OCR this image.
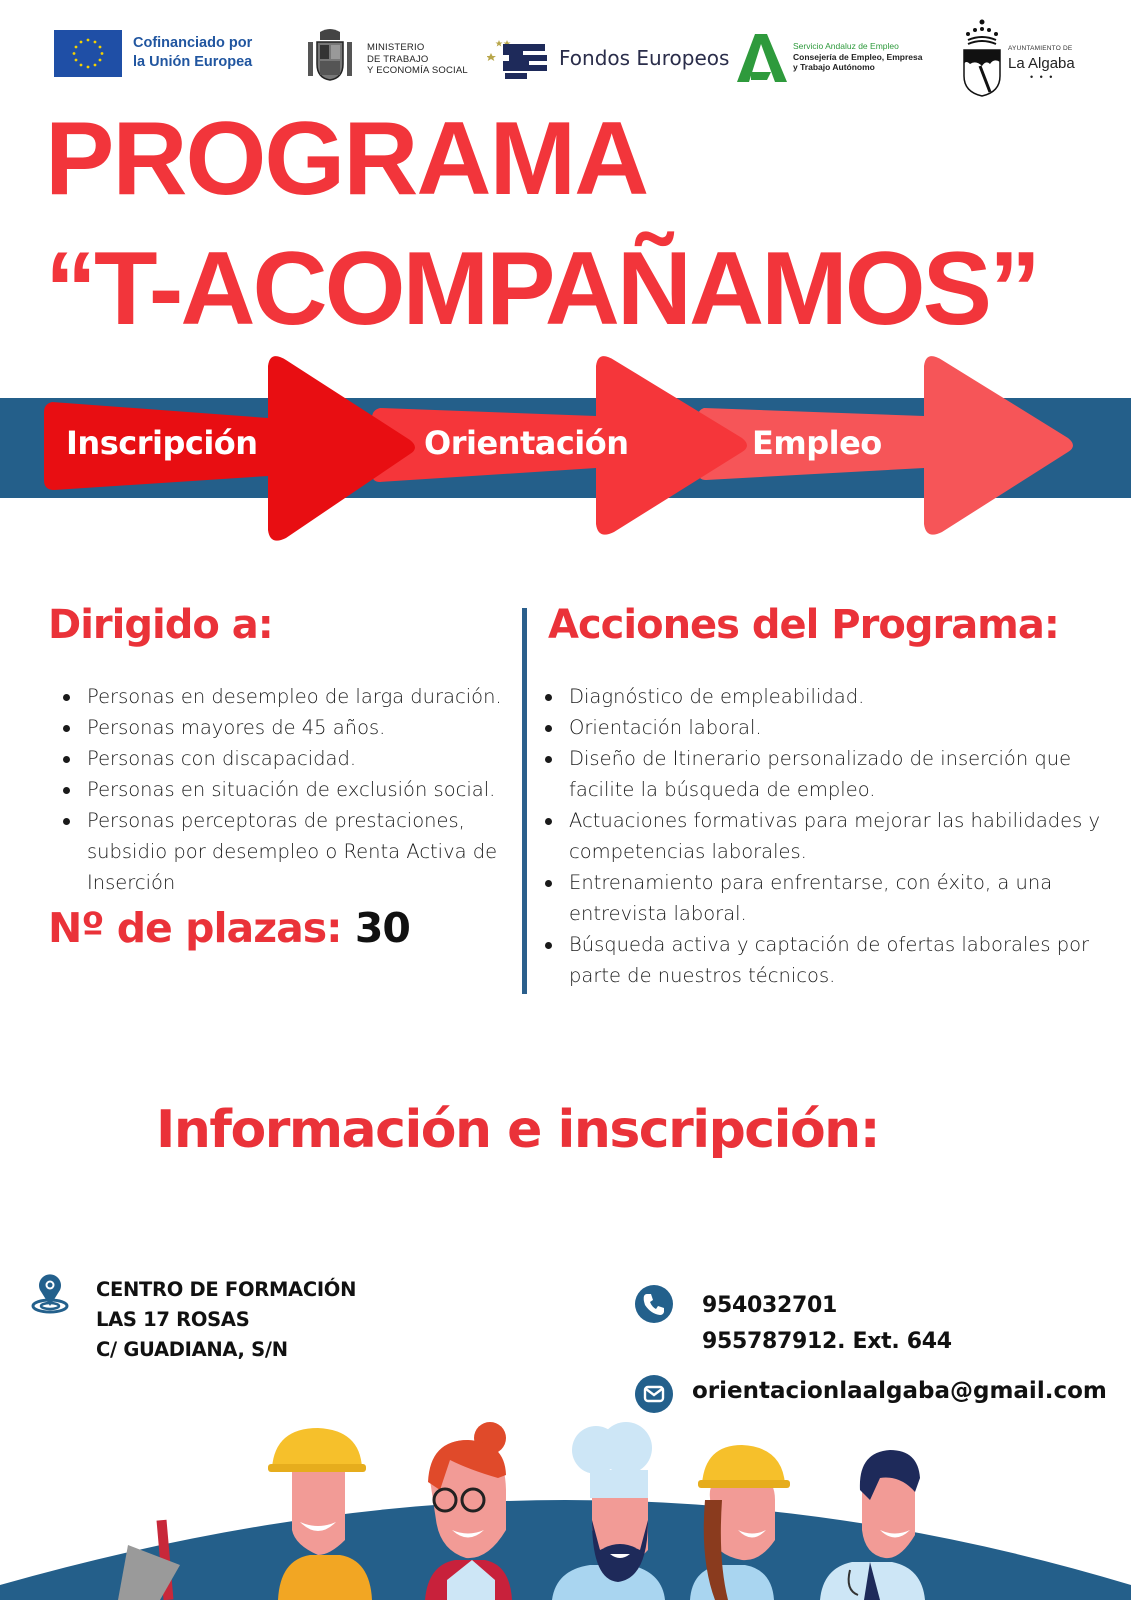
Cofinanciado por
la Unión Europea
MINISTERIO
DE TRABAJO
Y ECONOMÍA SOCIAL
Fondos Europeos	Servicio Andaluz de Empleo
Consejería de Empleo, Empresa
y Trabajo Autónomo
AYUNTAMIENTO DE
La Algaba
• • •
PROGRAMA
“T-ACOMPAÑAMOS”
Inscripción	Orientación	Empleo
Dirigido a:
Personas en desempleo de larga duración.
Personas mayores de 45 años.
Personas con discapacidad.
Personas en situación de exclusión social.
Personas perceptoras de prestaciones, subsidio por desempleo o Renta Activa de Inserción
Nº de plazas: 30
Acciones del Programa:
Diagnóstico de empleabilidad.
Orientación laboral.
Diseño de Itinerario personalizado de inserción que facilite la búsqueda de empleo.
Actuaciones formativas para mejorar las habilidades y competencias laborales.
Entrenamiento para enfrentarse, con éxito, a una entrevista laboral.
Búsqueda activa y captación de ofertas laborales por parte de nuestros técnicos.
Información e inscripción:
CENTRO DE FORMACIÓN
LAS 17 ROSAS
C/ GUADIANA, S/N
954032701
955787912. Ext. 644
orientacionlaalgaba@gmail.com
